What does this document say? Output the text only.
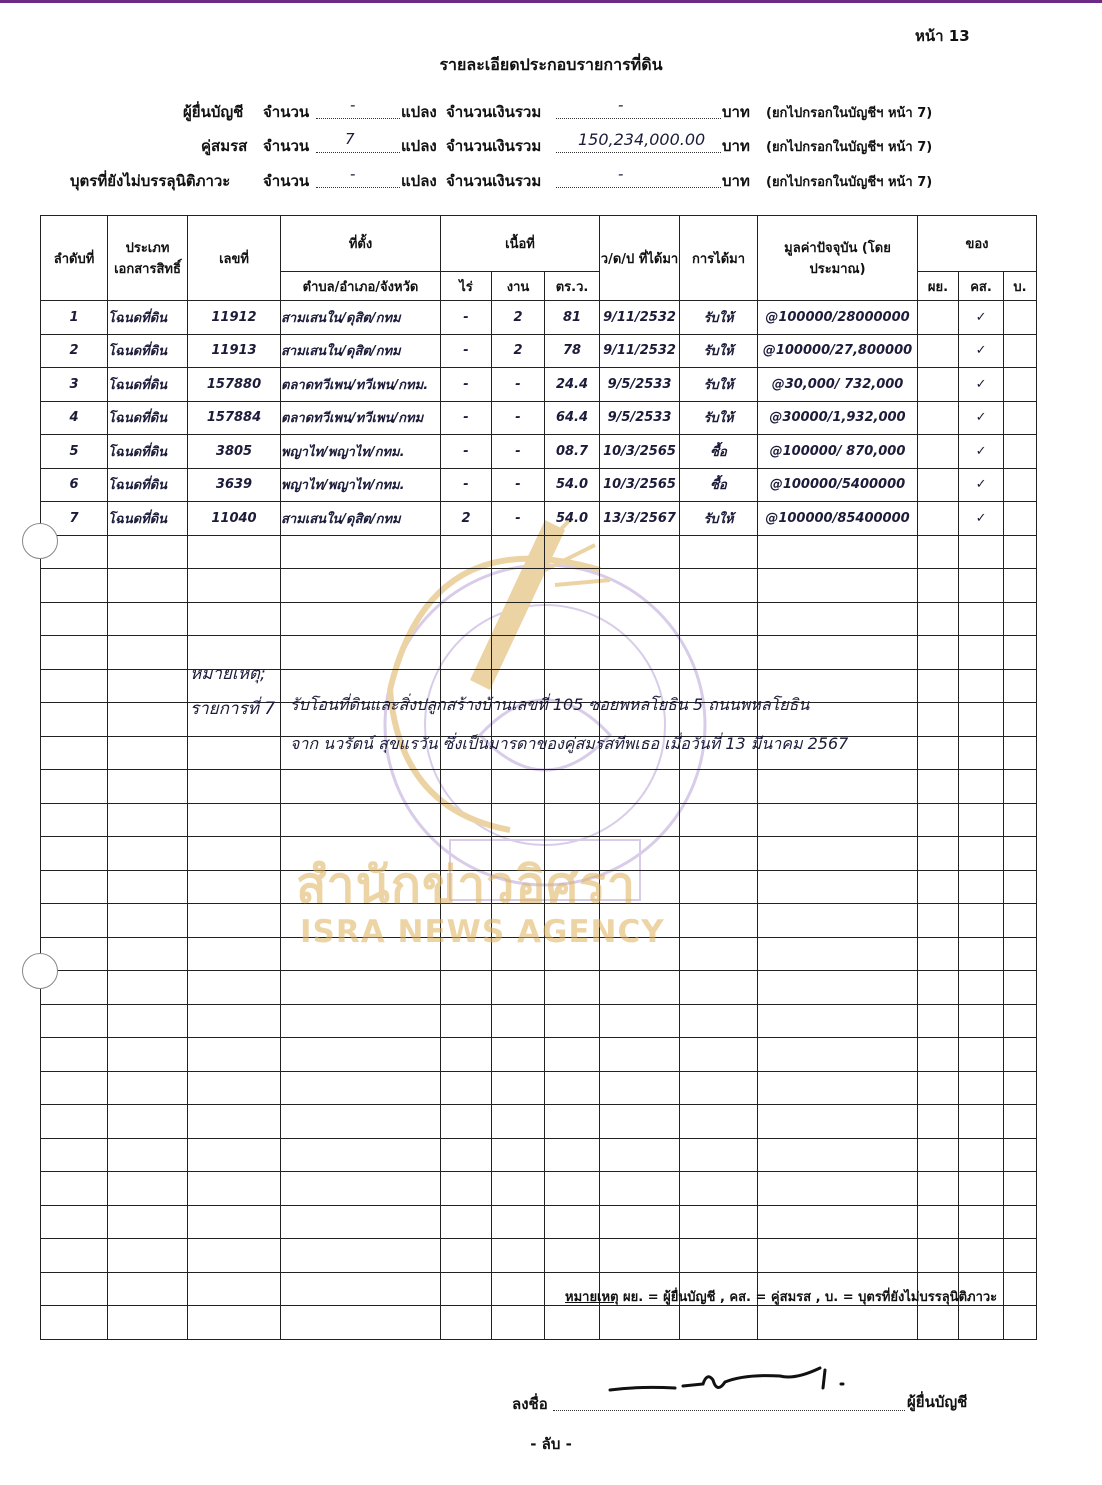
หน้า 13
รายละเอียดประกอบรายการที่ดิน
ผู้ยื่นบัญชี จำนวน	-	แปลง จำนวนเงินรวม	-	บาท (ยกไปกรอกในบัญชีฯ หน้า 7)
คู่สมรส จำนวน 7	แปลง จำนวนเงินรวม 150,234,000.00 บาท (ยกไปกรอกในบัญชีฯ หน้า 7)
บุตรที่ยังไม่บรรลุนิติภาวะ จำนวน	-	แปลง จำนวนเงินรวม	-	บาท (ยกไปกรอกในบัญชีฯ หน้า 7)
ลำดับที่	ประเภทเอกสารสิทธิ์	เลขที่	ที่ตั้ง	เนื้อที่			ว/ด/ป ที่ได้มา	การได้มา	มูลค่าปัจจุบัน (โดยประมาณ)	ของ		
			ตำบล/อำเภอ/จังหวัด	ไร่	งาน	ตร.ว.				ผย.	คส.	บ.
1	โฉนดที่ดิน	11912	สามเสนใน/ดุสิต/กทม	-	2	81	9/11/2532	รับให้	@100000/28000000		✓	
2	โฉนดที่ดิน	11913	สามเสนใน/ดุสิต/กทม	-	2	78	9/11/2532	รับให้	@100000/27,800000		✓	
3	โฉนดที่ดิน	157880	ตลาดทวีเพน/ทวีเพน/กทม.	-	-	24.4	9/5/2533	รับให้	@30,000/ 732,000		✓	
4	โฉนดที่ดิน	157884	ตลาดทวีเพน/ทวีเพน/กทม	-	-	64.4	9/5/2533	รับให้	@30000/1,932,000		✓	
5	โฉนดที่ดิน	3805	พญาไท/พญาไท/กทม.	-	-	08.7	10/3/2565	ซื้อ	@100000/ 870,000		✓	
6	โฉนดที่ดิน	3639	พญาไท/พญาไท/กทม.	-	-	54.0	10/3/2565	ซื้อ	@100000/5400000		✓	
7	โฉนดที่ดิน	11040	สามเสนใน/ดุสิต/กทม	2	-	54.0	13/3/2567	รับให้	@100000/85400000		✓	

หมายเหตุ;
รายการที่ 7 รับโอนที่ดินและสิ่งปลูกสร้างบ้านเลขที่ 105 ซอยพหลโยธิน 5 ถนนพหลโยธิน
จาก นวรัตน์ สุขแรวัน ซึ่งเป็นมารดาของคู่สมรสทีพเธอ เมื่อวันที่ 13 มีนาคม 2567
สำนักข่าวอิศรา
ISRA NEWS AGENCY
หมายเหตุ ผย. = ผู้ยื่นบัญชี , คส. = คู่สมรส , บ. = บุตรที่ยังไม่บรรลุนิติภาวะ
ลงชื่อ	ผู้ยื่นบัญชี
- ลับ -
